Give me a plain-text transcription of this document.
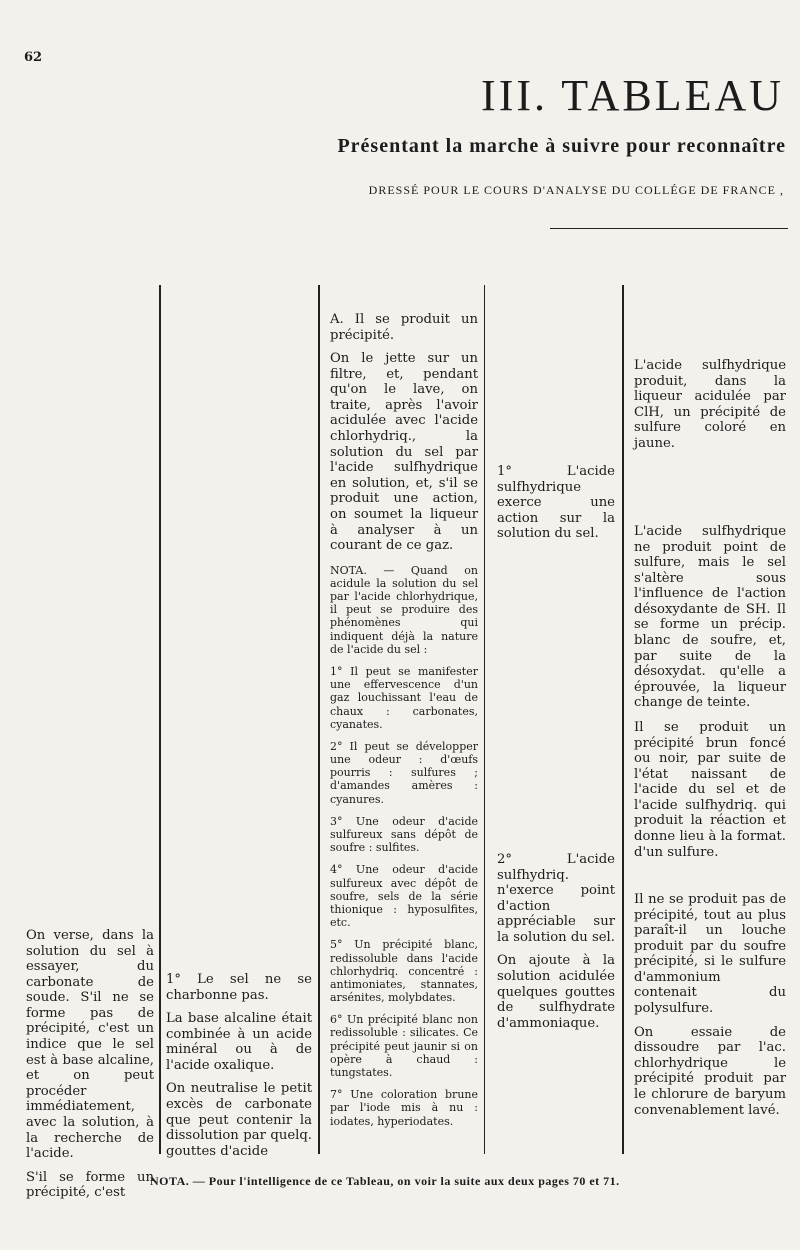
62
III. TABLEAU
Présentant la marche à suivre pour reconnaître
DRESSÉ POUR LE COURS D'ANALYSE DU COLLÉGE DE FRANCE ,

On verse, dans la solution du sel à essayer, du carbonate de soude. S'il ne se forme pas de précipité, c'est un indice que le sel est à base alcaline, et on peut procéder immédiatement, avec la solution, à la recherche de l'acide.

S'il se forme un précipité, c'est

1° Le sel ne se charbonne pas.

La base alcaline était combinée à un acide minéral ou à de l'acide oxalique.

On neutralise le petit excès de carbonate que peut contenir la dissolution par quelq. gouttes d'acide

A. Il se produit un précipité.

On le jette sur un filtre, et, pendant qu'on le lave, on traite, après l'avoir acidulée avec l'acide chlorhydriq., la solution du sel par l'acide sulfhydrique en solution, et, s'il se produit une action, on soumet la liqueur à analyser à un courant de ce gaz.

NOTA. — Quand on acidule la solution du sel par l'acide chlorhydrique, il peut se produire des phénomènes qui indiquent déjà la nature de l'acide du sel :

1° Il peut se manifester une effervescence d'un gaz louchissant l'eau de chaux : carbonates, cyanates.

2° Il peut se développer une odeur : d'œufs pourris : sulfures ; d'amandes amères : cyanures.

3° Une odeur d'acide sulfureux sans dépôt de soufre : sulfites.

4° Une odeur d'acide sulfureux avec dépôt de soufre, sels de la série thionique : hyposulfites, etc.

5° Un précipité blanc, redissoluble dans l'acide chlorhydriq. concentré : antimoniates, stannates, arsénites, molybdates.

6° Un précipité blanc non redissoluble : silicates. Ce précipité peut jaunir si on opère à chaud : tungstates.

7° Une coloration brune par l'iode mis à nu : iodates, hyperiodates.

1° L'acide sulfhydrique exerce une action sur la solution du sel.

2° L'acide sulfhydriq. n'exerce point d'action appréciable sur la solution du sel.

On ajoute à la solution acidulée quelques gouttes de sulfhydrate d'ammoniaque.

L'acide sulfhydrique produit, dans la liqueur acidulée par ClH, un précipité de sulfure coloré en jaune.

L'acide sulfhydrique ne produit point de sulfure, mais le sel s'altère sous l'influence de l'action désoxydante de SH. Il se forme un précip. blanc de soufre, et, par suite de la désoxydat. qu'elle a éprouvée, la liqueur change de teinte.

Il se produit un précipité brun foncé ou noir, par suite de l'état naissant de l'acide du sel et de l'acide sulfhydriq. qui produit la réaction et donne lieu à la format. d'un sulfure.

Il ne se produit pas de précipité, tout au plus paraît-il un louche produit par du soufre précipité, si le sulfure d'ammonium contenait du polysulfure.

On essaie de dissoudre par l'ac. chlorhydrique le précipité produit par le chlorure de baryum convenablement lavé.

NOTA. — Pour l'intelligence de ce Tableau, on voir la suite aux deux pages 70 et 71.
